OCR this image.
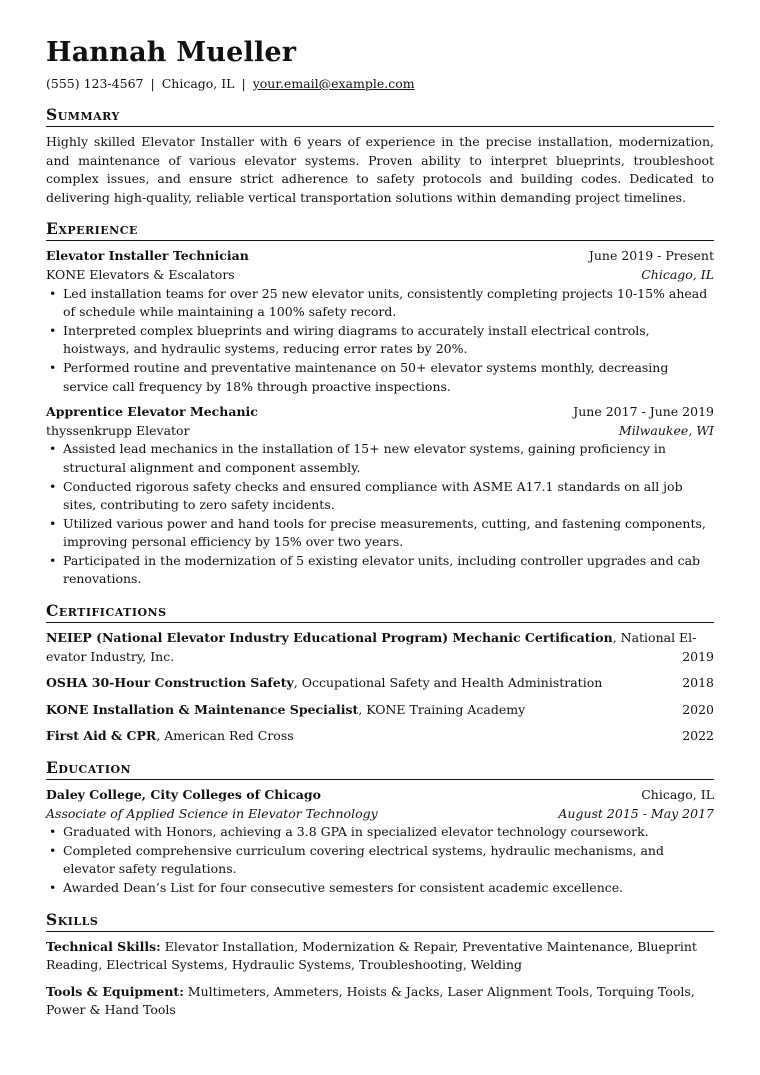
Hannah Mueller
(555) 123-4567 | Chicago, IL | your.email@example.com
Summary
Highly skilled Elevator Installer with 6 years of experience in the precise installation, modernization, and maintenance of various elevator systems. Proven ability to interpret blueprints, troubleshoot complex issues, and ensure strict adherence to safety protocols and building codes. Dedicated to delivering high-quality, reliable vertical transportation solutions within demanding project timelines.
Experience
Elevator Installer Technician	June 2019 - Present
KONE Elevators & Escalators	Chicago, IL
• Led installation teams for over 25 new elevator units, consistently completing projects 10-15% ahead of schedule while maintaining a 100% safety record.
• Interpreted complex blueprints and wiring diagrams to accurately install electrical controls, hoistways, and hydraulic systems, reducing error rates by 20%.
• Performed routine and preventative maintenance on 50+ elevator systems monthly, decreasing service call frequency by 18% through proactive inspections.
Apprentice Elevator Mechanic	June 2017 - June 2019
thyssenkrupp Elevator	Milwaukee, WI
• Assisted lead mechanics in the installation of 15+ new elevator systems, gaining proficiency in structural alignment and component assembly.
• Conducted rigorous safety checks and ensured compliance with ASME A17.1 standards on all job sites, contributing to zero safety incidents.
• Utilized various power and hand tools for precise measurements, cutting, and fastening components, improving personal efficiency by 15% over two years.
• Participated in the modernization of 5 existing elevator units, including controller upgrades and cab renovations.
Certifications
NEIEP (National Elevator Industry Educational Program) Mechanic Certification, National El-
evator Industry, Inc.	2019
OSHA 30-Hour Construction Safety, Occupational Safety and Health Administration	2018
KONE Installation & Maintenance Specialist, KONE Training Academy	2020
First Aid & CPR, American Red Cross	2022
Education
Daley College, City Colleges of Chicago	Chicago, IL
Associate of Applied Science in Elevator Technology	August 2015 - May 2017
• Graduated with Honors, achieving a 3.8 GPA in specialized elevator technology coursework.
• Completed comprehensive curriculum covering electrical systems, hydraulic mechanisms, and elevator safety regulations.
• Awarded Dean’s List for four consecutive semesters for consistent academic excellence.
Skills
Technical Skills: Elevator Installation, Modernization & Repair, Preventative Maintenance, Blueprint Reading, Electrical Systems, Hydraulic Systems, Troubleshooting, Welding
Tools & Equipment: Multimeters, Ammeters, Hoists & Jacks, Laser Alignment Tools, Torquing Tools, Power & Hand Tools
